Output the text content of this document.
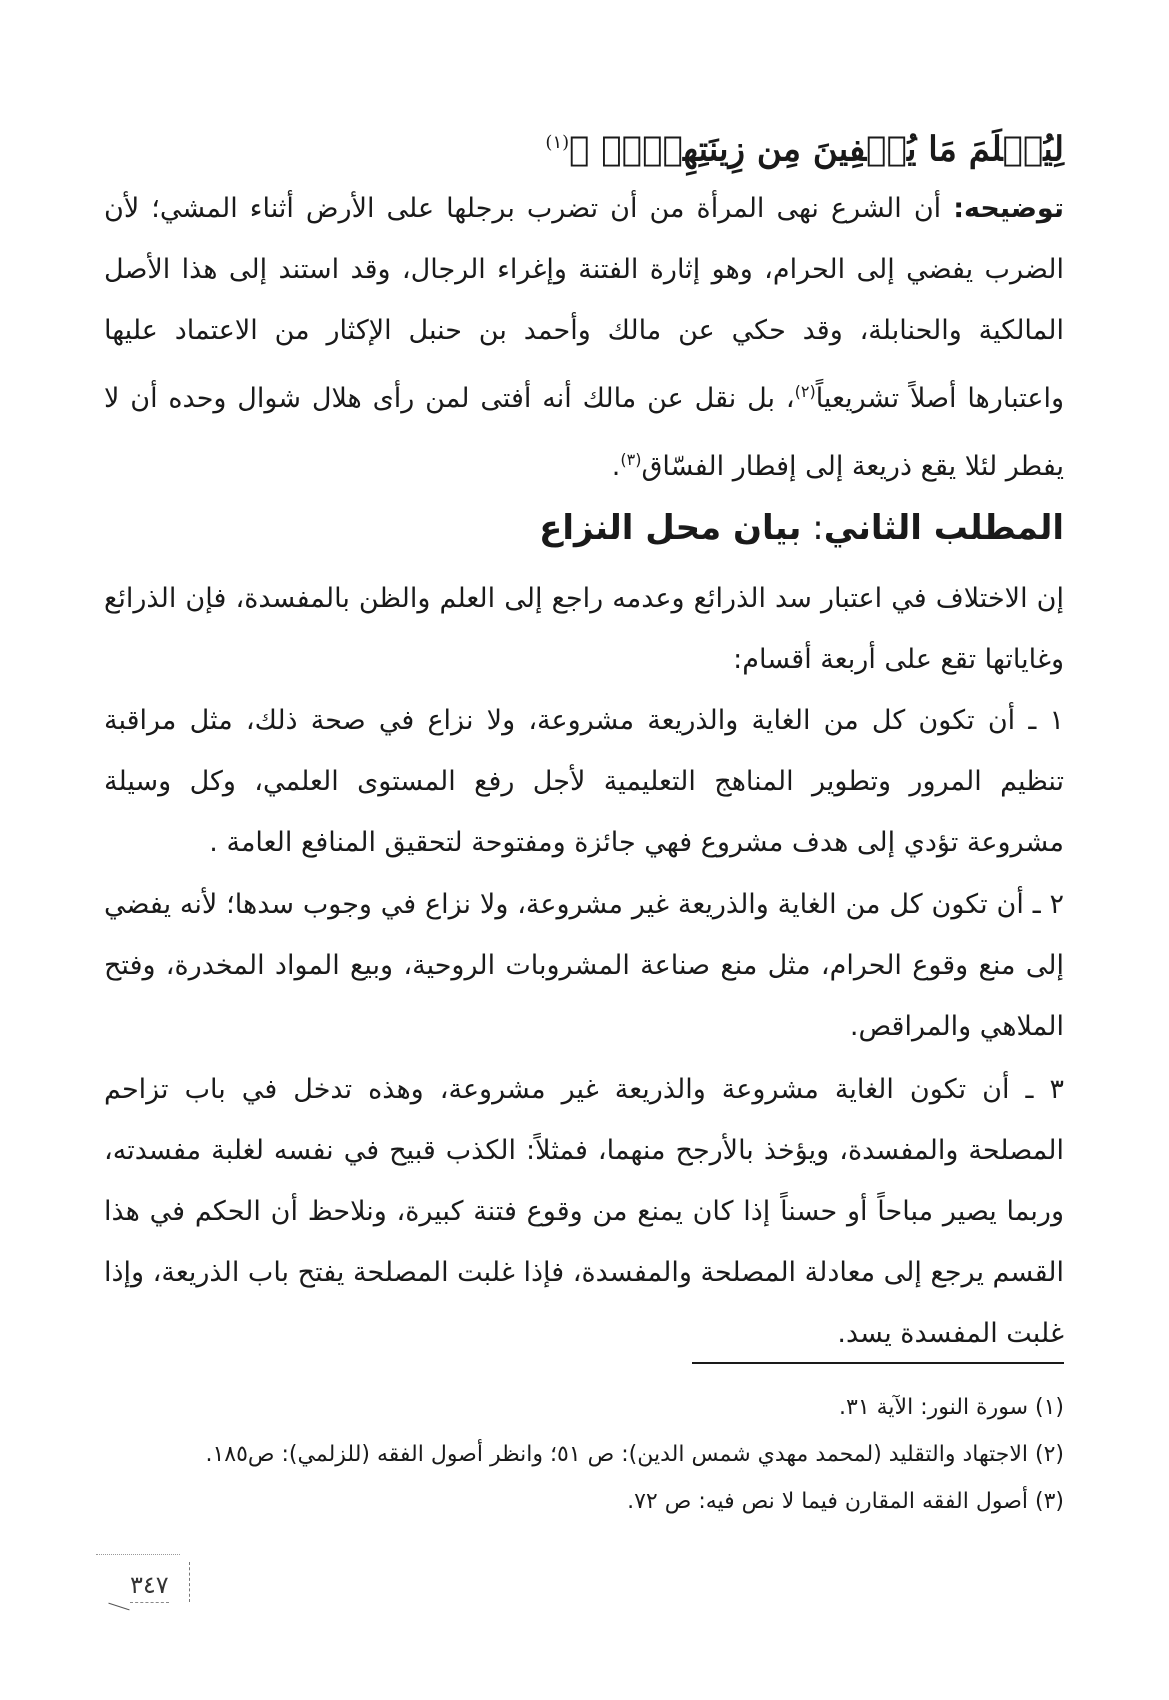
لِيُعۡلَمَ مَا يُخۡفِينَ مِن زِينَتِهِنَّۚ ﴾$^{(١)}$

توضيحه: أن الشرع نهى المرأة من أن تضرب برجلها على الأرض أثناء المشي؛ لأن الضرب يفضي إلى الحرام، وهو إثارة الفتنة وإغراء الرجال، وقد استند إلى هذا الأصل المالكية والحنابلة، وقد حكي عن مالك وأحمد بن حنبل الإكثار من الاعتماد عليها واعتبارها أصلاً تشريعياً$^{(٢)}$، بل نقل عن مالك أنه أفتى لمن رأى هلال شوال وحده أن لا يفطر لئلا يقع ذريعة إلى إفطار الفسّاق$^{(٣)}$.

المطلب الثاني: بيان محل النزاع

إن الاختلاف في اعتبار سد الذرائع وعدمه راجع إلى العلم والظن بالمفسدة، فإن الذرائع وغاياتها تقع على أربعة أقسام:

١ ـ أن تكون كل من الغاية والذريعة مشروعة، ولا نزاع في صحة ذلك، مثل مراقبة تنظيم المرور وتطوير المناهج التعليمية لأجل رفع المستوى العلمي، وكل وسيلة مشروعة تؤدي إلى هدف مشروع فهي جائزة ومفتوحة لتحقيق المنافع العامة .

٢ ـ أن تكون كل من الغاية والذريعة غير مشروعة، ولا نزاع في وجوب سدها؛ لأنه يفضي إلى منع وقوع الحرام، مثل منع صناعة المشروبات الروحية، وبيع المواد المخدرة، وفتح الملاهي والمراقص.

٣ ـ أن تكون الغاية مشروعة والذريعة غير مشروعة، وهذه تدخل في باب تزاحم المصلحة والمفسدة، ويؤخذ بالأرجح منهما، فمثلاً: الكذب قبيح في نفسه لغلبة مفسدته، وربما يصير مباحاً أو حسناً إذا كان يمنع من وقوع فتنة كبيرة، ونلاحظ أن الحكم في هذا القسم يرجع إلى معادلة المصلحة والمفسدة، فإذا غلبت المصلحة يفتح باب الذريعة، وإذا غلبت المفسدة يسد.

(١) سورة النور: الآية ٣١.
(٢) الاجتهاد والتقليد (لمحمد مهدي شمس الدين): ص ٥١؛ وانظر أصول الفقه (للزلمي): ص١٨٥.
(٣) أصول الفقه المقارن فيما لا نص فيه: ص ٧٢.
٣٤٧
